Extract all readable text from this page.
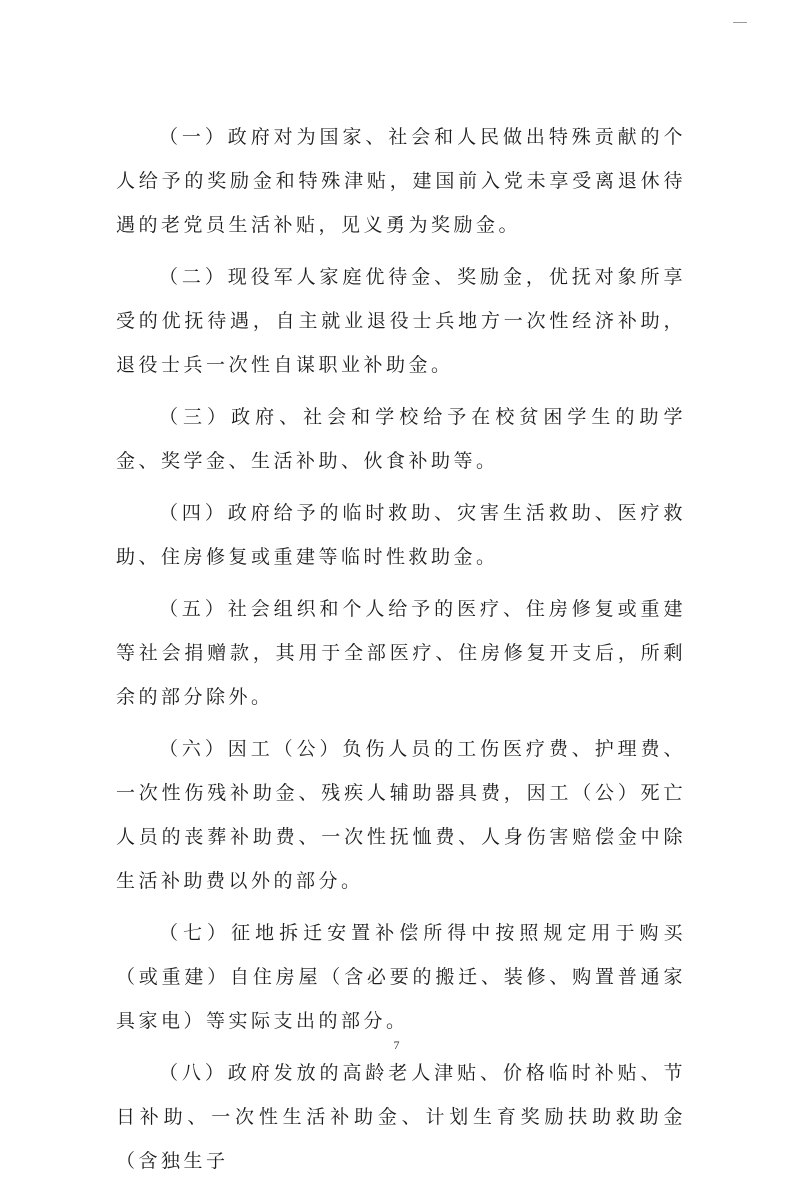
（一）政府对为国家、社会和人民做出特殊贡献的个人给予的奖励金和特殊津贴，建国前入党未享受离退休待遇的老党员生活补贴，见义勇为奖励金。

（二）现役军人家庭优待金、奖励金，优抚对象所享受的优抚待遇，自主就业退役士兵地方一次性经济补助，退役士兵一次性自谋职业补助金。

（三）政府、社会和学校给予在校贫困学生的助学金、奖学金、生活补助、伙食补助等。

（四）政府给予的临时救助、灾害生活救助、医疗救助、住房修复或重建等临时性救助金。

（五）社会组织和个人给予的医疗、住房修复或重建等社会捐赠款，其用于全部医疗、住房修复开支后，所剩余的部分除外。

（六）因工（公）负伤人员的工伤医疗费、护理费、一次性伤残补助金、残疾人辅助器具费，因工（公）死亡人员的丧葬补助费、一次性抚恤费、人身伤害赔偿金中除生活补助费以外的部分。

（七）征地拆迁安置补偿所得中按照规定用于购买（或重建）自住房屋（含必要的搬迁、装修、购置普通家具家电）等实际支出的部分。

（八）政府发放的高龄老人津贴、价格临时补贴、节日补助、一次性生活补助金、计划生育奖励扶助救助金（含独生子

7
